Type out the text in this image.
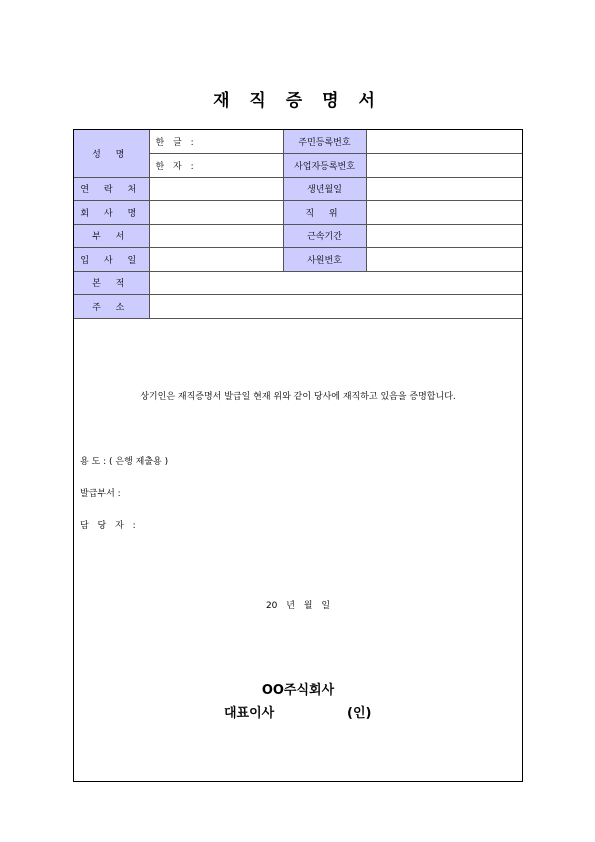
재 직 증 명 서
성 명	한 글 :	주민등록번호	
	한 자 :	사업자등록번호	
연 락 처		생년월일	
회 사 명		직 위	
부 서		근속기간	
입 사 일		사원번호	
본 적			
주 소			
상기인은 재직증명서 발급일 현재 위와 같이 당사에 재직하고 있음을 증명합니다.
용 도 : ( 은행 제출용 )
발급부서 :
담 당 자 :
20 년 월 일
OO주식회사
대표이사	(인)
